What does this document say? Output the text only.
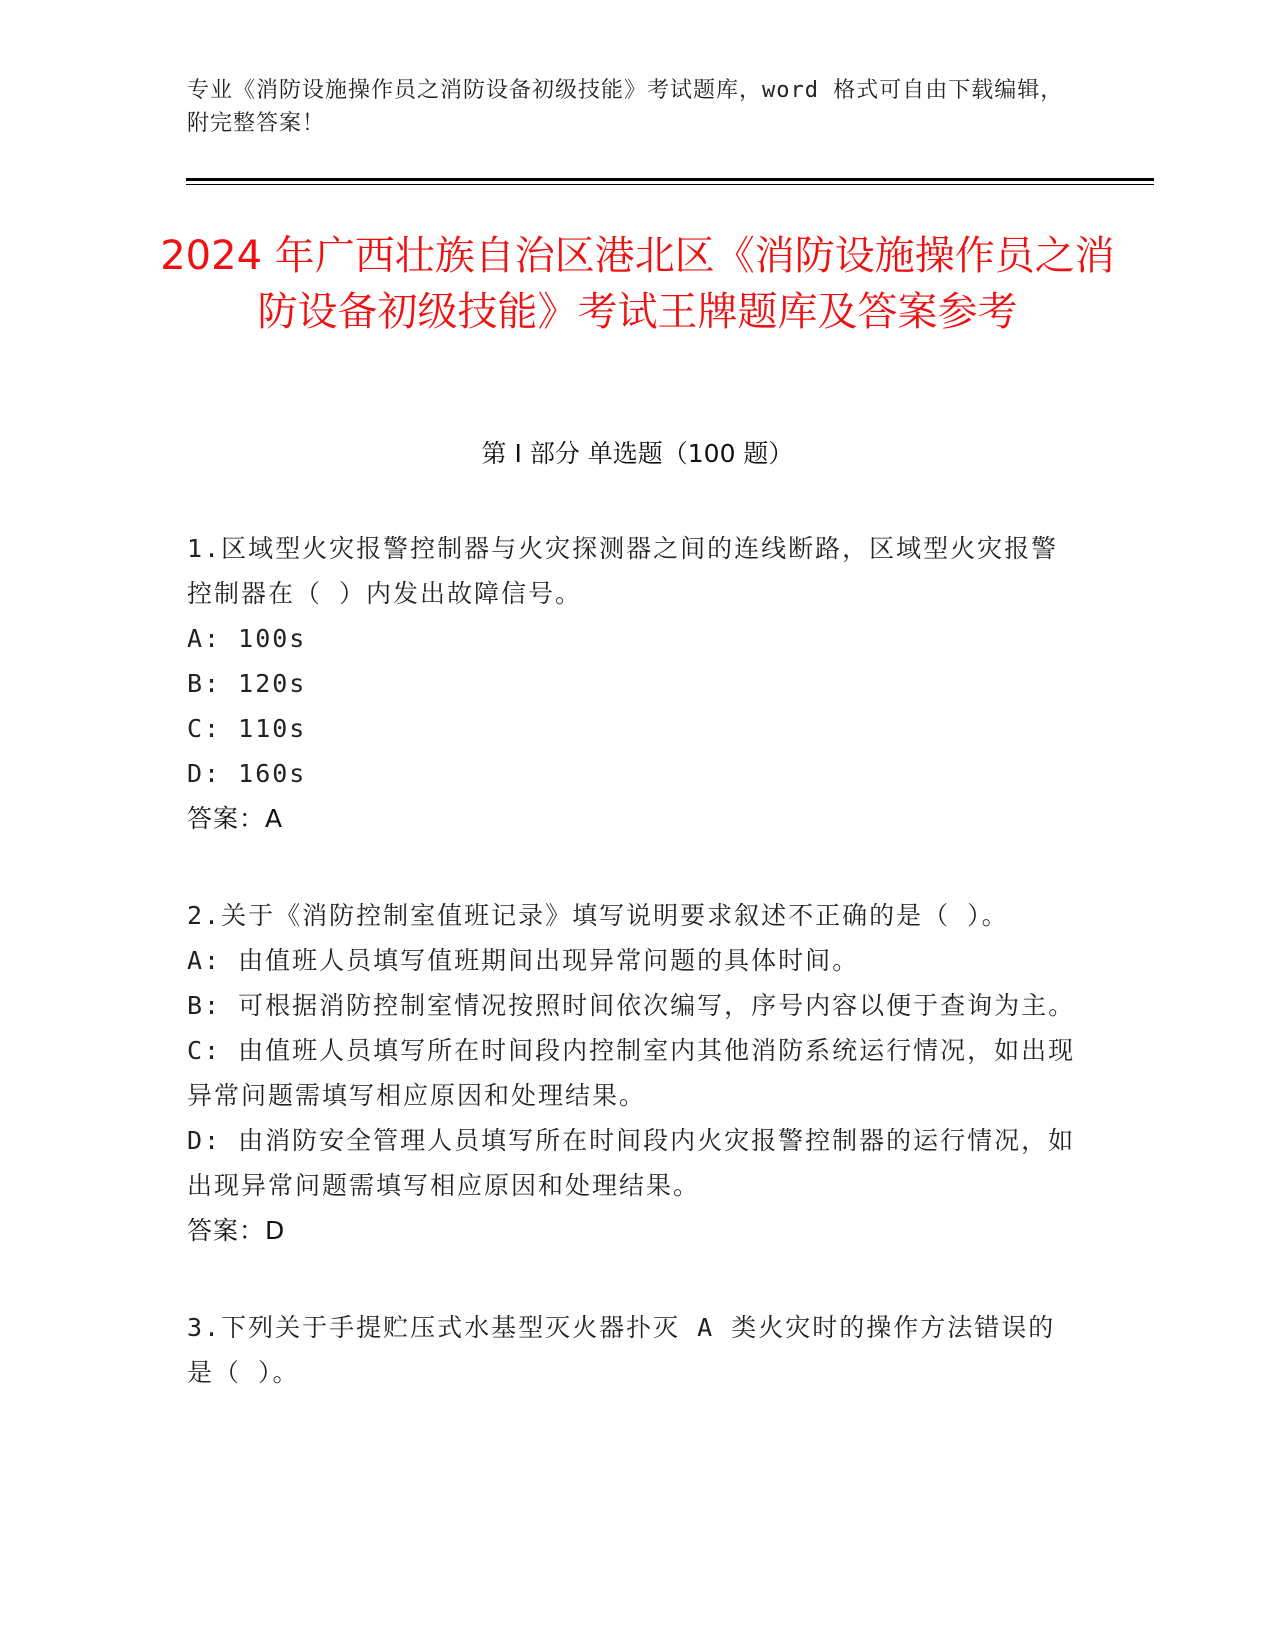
专业《消防设施操作员之消防设备初级技能》考试题库，word 格式可自由下载编辑，附完整答案！
2024 年广西壮族自治区港北区《消防设施操作员之消防设备初级技能》考试王牌题库及答案参考
第 I 部分 单选题（100 题）

1.区域型火灾报警控制器与火灾探测器之间的连线断路，区域型火灾报警控制器在（ ）内发出故障信号。

A: 100s

B: 120s

C: 110s

D: 160s

答案：A

2.关于《消防控制室值班记录》填写说明要求叙述不正确的是（ ）。

A: 由值班人员填写值班期间出现异常问题的具体时间。

B: 可根据消防控制室情况按照时间依次编写，序号内容以便于查询为主。

C: 由值班人员填写所在时间段内控制室内其他消防系统运行情况，如出现异常问题需填写相应原因和处理结果。

D: 由消防安全管理人员填写所在时间段内火灾报警控制器的运行情况，如出现异常问题需填写相应原因和处理结果。

答案：D

3.下列关于手提贮压式水基型灭火器扑灭 A 类火灾时的操作方法错误的是（ ）。
